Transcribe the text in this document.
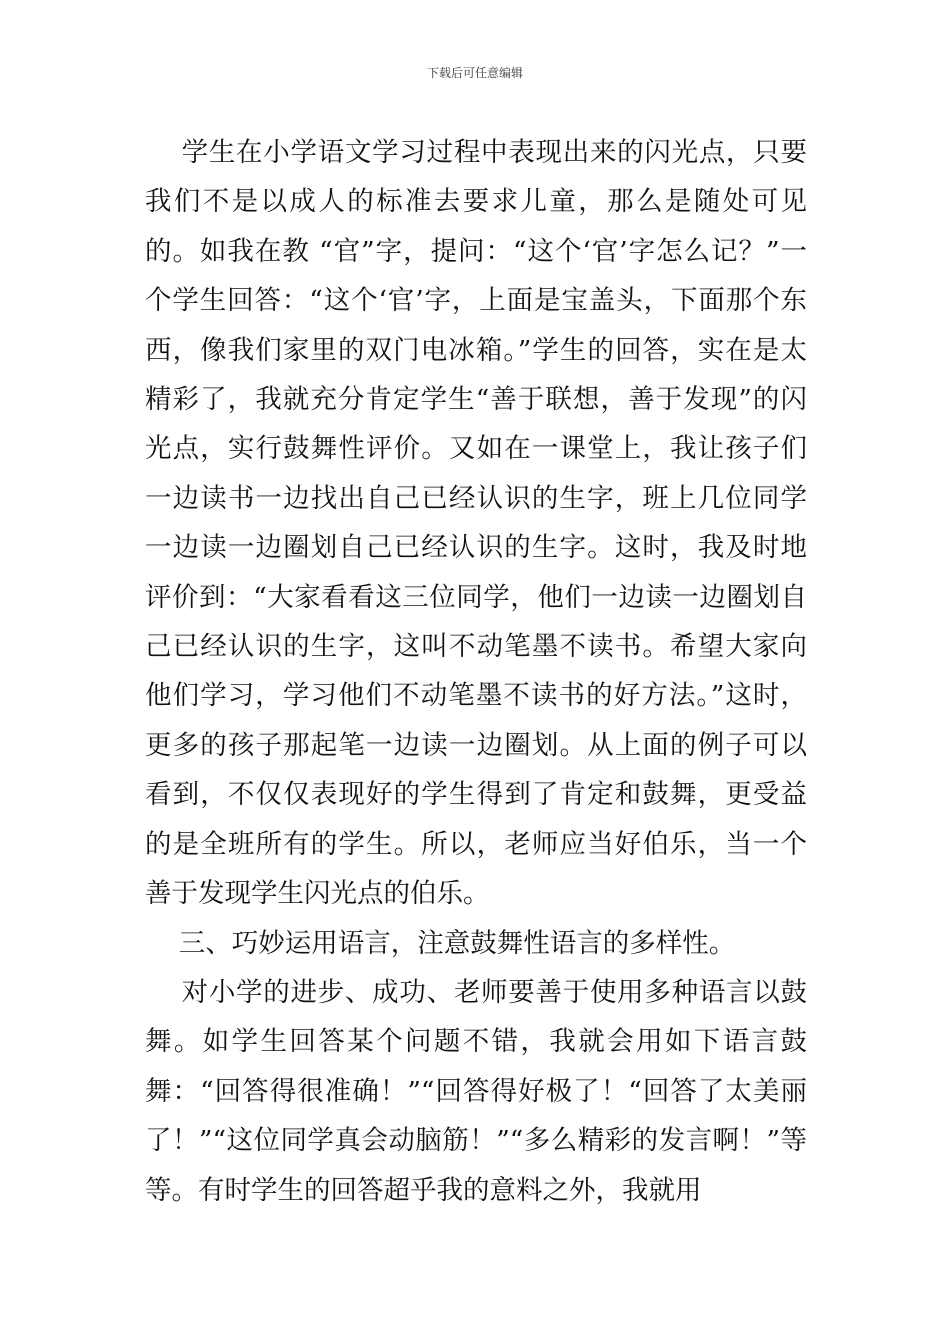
下载后可任意编辑

学生在小学语文学习过程中表现出来的闪光点，只要我们不是以成人的标准去要求儿童，那么是随处可见的。如我在教 “官”字，提问：“这个‘官’字怎么记？”一个学生回答：“这个‘官’字，上面是宝盖头，下面那个东西，像我们家里的双门电冰箱。”学生的回答，实在是太精彩了，我就充分肯定学生“善于联想，善于发现”的闪光点，实行鼓舞性评价。又如在一课堂上，我让孩子们一边读书一边找出自己已经认识的生字，班上几位同学一边读一边圈划自己已经认识的生字。这时，我及时地评价到：“大家看看这三位同学，他们一边读一边圈划自己已经认识的生字，这叫不动笔墨不读书。希望大家向他们学习，学习他们不动笔墨不读书的好方法。”这时，更多的孩子那起笔一边读一边圈划。从上面的例子可以看到，不仅仅表现好的学生得到了肯定和鼓舞，更受益的是全班所有的学生。所以，老师应当好伯乐，当一个善于发现学生闪光点的伯乐。

三、巧妙运用语言，注意鼓舞性语言的多样性。

对小学的进步、成功、老师要善于使用多种语言以鼓舞。如学生回答某个问题不错，我就会用如下语言鼓舞：“回答得很准确！”“回答得好极了！“回答了太美丽了！”“这位同学真会动脑筋！”“多么精彩的发言啊！”等等。有时学生的回答超乎我的意料之外，我就用
